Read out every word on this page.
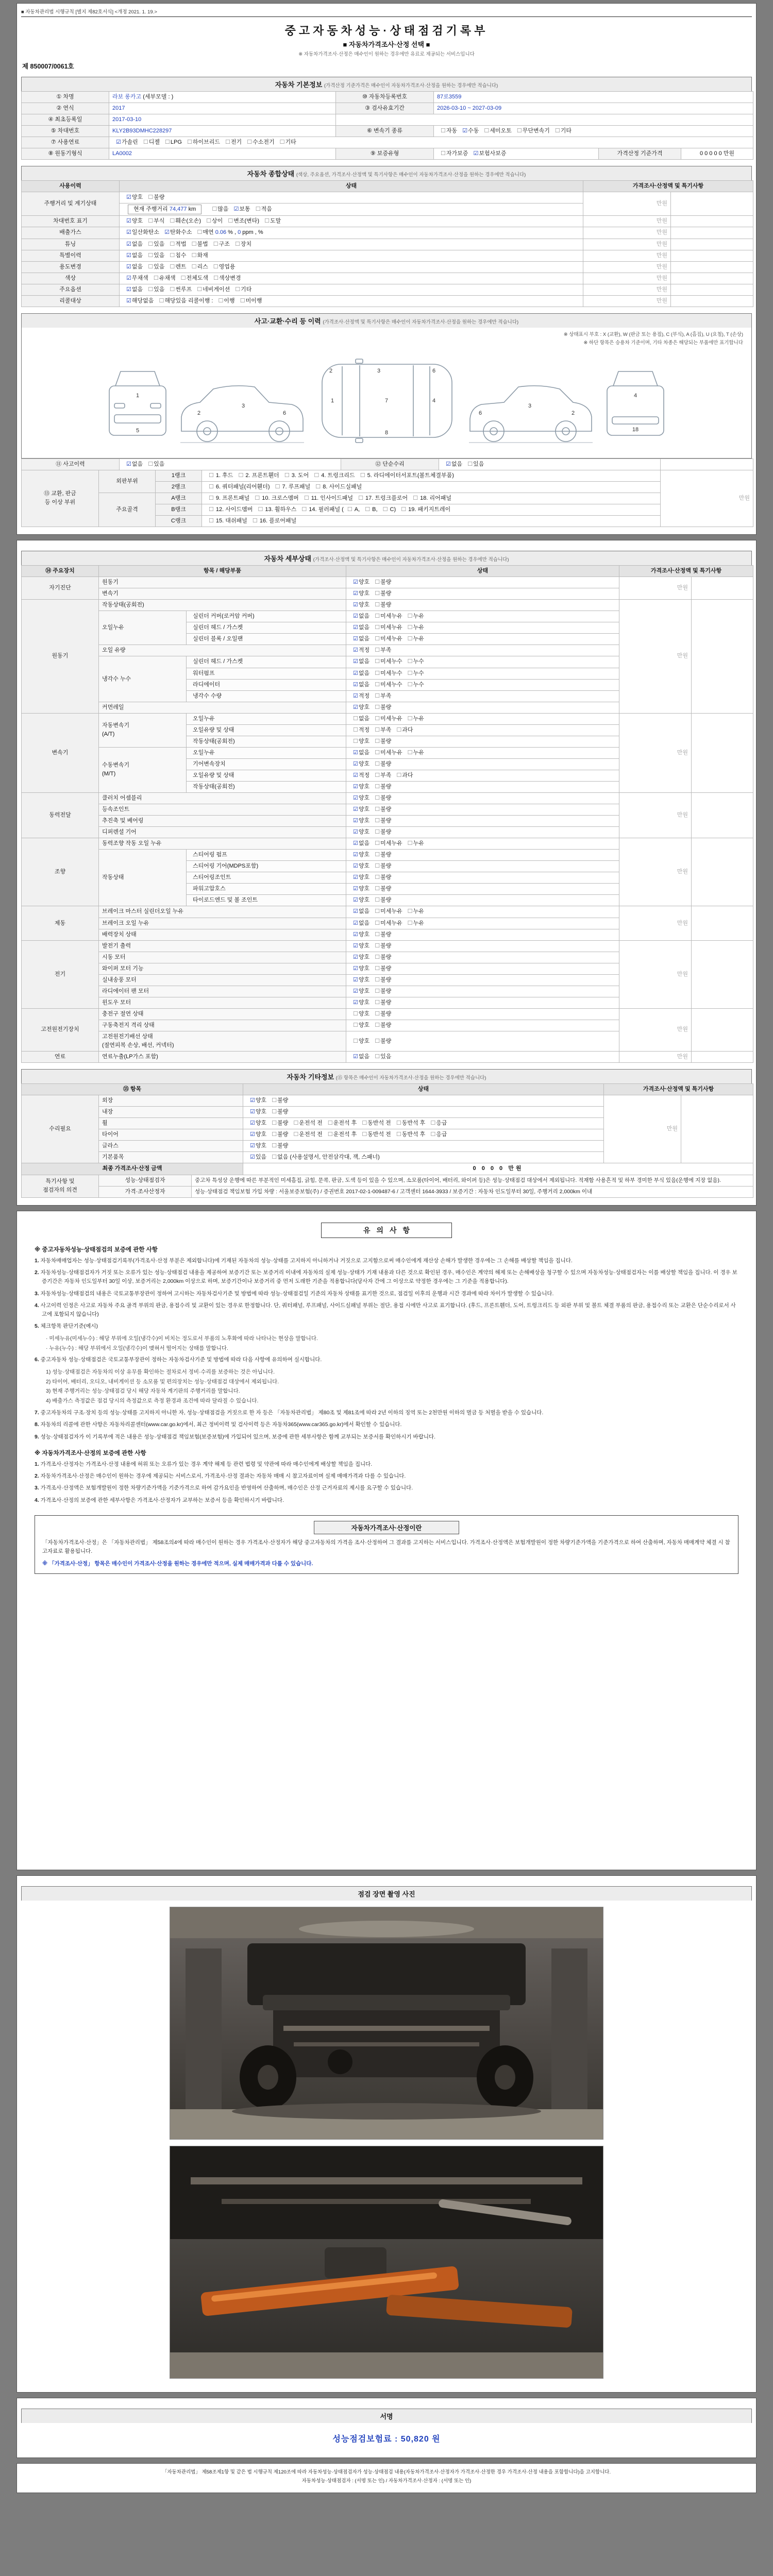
■ 자동차관리법 시행규칙 [별지 제82호서식] <개정 2021. 1. 19.>
중고자동차성능·상태점검기록부
■ 자동차가격조사·산정 선택 ■
※ 자동차가격조사·산정은 매수인이 원하는 경우에만 유료로 제공되는 서비스입니다
제 850007/0061호
자동차 기본정보 (가격산정 기준가격은 매수인이 자동차가격조사·산정을 원하는 경우에만 적습니다)
① 차명	라보 롱카고 (세부모델 : )	⑩ 자동차등록번호	87로3559		
② 연식	2017	③ 검사유효기간	2026-03-10 ~ 2027-03-09		
④ 최초등록일	2017-03-10				
⑤ 차대번호	KLY2B93DMHC228297	⑥ 변속기 종류	☐자동 ☑수동 ☐세미오토 ☐무단변속기 ☐기타		
⑦ 사용연료	☑가솔린 ☐디젤 ☐LPG ☐하이브리드 ☐전기 ☐수소전기 ☐기타				
⑧ 원동기형식	LA0002	⑨ 보증유형	☐자가보증 ☑보험사보증	가격산정 기준가격	0 0 0 0 0 만원
자동차 종합상태 (색상, 주요옵션, 가격조사·산정액 및 특기사항은 매수인이 자동차가격조사·산정을 원하는 경우에만 적습니다)
사용이력	상태	가격조사·산정액 및 특기사항	
주행거리 및 계기상태	☑양호 ☐불량	만원	
	현재 주행거리 74,477 km ☐많음 ☑보통 ☐적음		
차대번호 표기	☑양호 ☐부식 ☐훼손(오손) ☐상이 ☐변조(변타) ☐도말	만원	
배출가스	☑일산화탄소 ☑탄화수소 ☐매연 0.06 % , 0 ppm , %	만원	
튜닝	☑없음 ☐있음 ☐적법 ☐불법 ☐구조 ☐장치	만원	
특별이력	☑없음 ☐있음 ☐침수 ☐화재	만원	
용도변경	☑없음 ☐있음 ☐렌트 ☐리스 ☐영업용	만원	
색상	☑무채색 ☐유채색 ☐전체도색 ☐색상변경	만원	
주요옵션	☑없음 ☐있음 ☐썬루프 ☐네비게이션 ☐기타	만원	
리콜대상	☑해당없음 ☐해당있음 리콜이행 : ☐이행 ☐미이행	만원	
사고·교환·수리 등 이력 (가격조사·산정액 및 특기사항은 매수인이 자동차가격조사·산정을 원하는 경우에만 적습니다)
※ 상태표시 부호 : X (교환), W (판금 또는 용접), C (부식), A (흠집), U (요철), T (손상)
※ 하단 항목은 승용차 기준이며, 기타 차종은 해당되는 부품에만 표기합니다
1
5
2
3
6
2
1
3
7
6
4
8
6
3
2
4
18
⑪ 사고이력	☑없음 ☐있음	⑫ 단순수리	☑없음 ☐있음	
⑬ 교환, 판금
등 이상 부위	외판부위	1랭크	☐ 1. 후드 ☐ 2. 프론트휀더 ☐ 3. 도어 ☐ 4. 트렁크리드 ☐ 5. 라디에이터서포트(볼트체결부품)	만원
		2랭크	☐ 6. 쿼터패널(리어휀더) ☐ 7. 루프패널 ☐ 8. 사이드실패널	
	주요골격	A랭크	☐ 9. 프론트패널 ☐ 10. 크로스멤버 ☐ 11. 인사이드패널 ☐ 17. 트렁크플로어 ☐ 18. 리어패널	
		B랭크	☐ 12. 사이드멤버 ☐ 13. 휠하우스 ☐ 14. 필러패널 ( ☐ A, ☐ B, ☐ C) ☐ 19. 패키지트레이	
		C랭크	☐ 15. 대쉬패널 ☐ 16. 플로어패널	
자동차 세부상태 (가격조사·산정액 및 특기사항은 매수인이 자동차가격조사·산정을 원하는 경우에만 적습니다)
⑭ 주요장치	항목 / 해당부품		상태	가격조사·산정액 및 특기사항	
자기진단	원동기		☑양호 ☐불량	만원	
	변속기		☑양호 ☐불량		
원동기	작동상태(공회전)		☑양호 ☐불량	만원	
	오일누유	실린더 커버(로커암 커버)	☑없음 ☐미세누유 ☐누유		
		실린더 헤드 / 가스켓	☑없음 ☐미세누유 ☐누유		
		실린더 블록 / 오일팬	☑없음 ☐미세누유 ☐누유		
	오일 유량		☑적정 ☐부족		
	냉각수 누수	실린더 헤드 / 가스켓	☑없음 ☐미세누수 ☐누수		
		워터펌프	☑없음 ☐미세누수 ☐누수		
		라디에이터	☑없음 ☐미세누수 ☐누수		
		냉각수 수량	☑적정 ☐부족		
	커먼레일		☑양호 ☐불량		
변속기	자동변속기
(A/T)	오일누유	☐없음 ☐미세누유 ☐누유	만원	
		오일유량 및 상태	☐적정 ☐부족 ☐과다		
		작동상태(공회전)	☐양호 ☐불량		
	수동변속기
(M/T)	오일누유	☑없음 ☐미세누유 ☐누유		
		기어변속장치	☑양호 ☐불량		
		오일유량 및 상태	☑적정 ☐부족 ☐과다		
		작동상태(공회전)	☑양호 ☐불량		
동력전달	클러치 어셈블리		☑양호 ☐불량	만원	
	등속조인트		☑양호 ☐불량		
	추진축 및 베어링		☑양호 ☐불량		
	디퍼렌셜 기어		☑양호 ☐불량		
조향	동력조향 작동 오일 누유		☑없음 ☐미세누유 ☐누유	만원	
	작동상태	스티어링 펌프	☑양호 ☐불량		
		스티어링 기어(MDPS포함)	☑양호 ☐불량		
		스티어링조인트	☑양호 ☐불량		
		파워고압호스	☑양호 ☐불량		
		타이로드엔드 및 볼 조인트	☑양호 ☐불량		
제동	브레이크 마스터 실린더오일 누유		☑없음 ☐미세누유 ☐누유	만원	
	브레이크 오일 누유		☑없음 ☐미세누유 ☐누유		
	배력장치 상태		☑양호 ☐불량		
전기	발전기 출력		☑양호 ☐불량	만원	
	시동 모터		☑양호 ☐불량		
	와이퍼 모터 기능		☑양호 ☐불량		
	실내송풍 모터		☑양호 ☐불량		
	라디에이터 팬 모터		☑양호 ☐불량		
	윈도우 모터		☑양호 ☐불량		
고전원전기장치	충전구 절연 상태		☐양호 ☐불량	만원	
	구동축전지 격리 상태		☐양호 ☐불량		
	고전원전기배선 상태
(절연피복 손상, 배선, 커넥터)		☐양호 ☐불량		
연료	연료누출(LP가스 포함)		☑없음 ☐있음	만원	
자동차 기타정보 (⑮ 항목은 매수인이 자동차가격조사·산정을 원하는 경우에만 적습니다)
⑮ 항목		상태	가격조사·산정액 및 특기사항	
수리필요	외장	☑양호 ☐불량	만원	
	내장	☑양호 ☐불량		
	휠	☑양호 ☐불량 ☐운전석 전 ☐운전석 후 ☐동반석 전 ☐동반석 후 ☐응급		
	타이어	☑양호 ☐불량 ☐운전석 전 ☐운전석 후 ☐동반석 전 ☐동반석 후 ☐응급		
	글라스	☑양호 ☐불량		
	기본품목	☑있음 ☐없음 (사용설명서, 안전삼각대, 잭, 스패너)		
최종 가격조사·산정 금액	0 0 0 0 만원
특기사항 및
점검자의 의견	성능·상태점검자	중고차 특성상 운행에 따른 부분적인 미세흠집, 긁힘, 문콕, 판금, 도색 등이 있을 수 있으며, 소모품(타이어, 배터리, 와이퍼 등)은 성능·상태점검 대상에서 제외됩니다. 적재함 사용흔적 및 하부 경미한 부식 있음(운행에 지장 없음).
	가격·조사산정자	성능·상태점검 책임보험 가입 차량 : 서울보증보험(주) / 증권번호 2017-02-1-009487-6 / 고객센터 1644-3933 / 보증기간 : 자동차 인도일부터 30일, 주행거리 2,000km 이내
유의사항
※ 중고자동차성능·상태점검의 보증에 관한 사항
1. 자동차매매업자는 성능·상태점검기록부(가격조사·산정 부분은 제외합니다)에 기재된 자동차의 성능·상태를 고지하지 아니하거나 거짓으로 고지함으로써 매수인에게 재산상 손해가 발생한 경우에는 그 손해를 배상할 책임을 집니다.
2. 자동차성능·상태점검자가 거짓 또는 오류가 있는 성능·상태점검 내용을 제공하여 보증기간 또는 보증거리 이내에 자동차의 실제 성능·상태가 기재 내용과 다른 것으로 확인된 경우, 매수인은 계약의 해제 또는 손해배상을 청구할 수 있으며 자동차성능·상태점검자는 이를 배상할 책임을 집니다. 이 경우 보증기간은 자동차 인도일부터 30일 이상, 보증거리는 2,000km 이상으로 하며, 보증기간이나 보증거리 중 먼저 도래한 기준을 적용합니다(당사자 간에 그 이상으로 약정한 경우에는 그 기준을 적용합니다).
3. 자동차성능·상태점검의 내용은 국토교통부장관이 정하여 고시하는 자동차검사기준 및 방법에 따라 성능·상태점검일 기준의 자동차 상태를 표기한 것으로, 점검일 이후의 운행과 시간 경과에 따라 차이가 발생할 수 있습니다.
4. 사고이력 인정은 사고로 자동차 주요 골격 부위의 판금, 용접수리 및 교환이 있는 경우로 한정합니다. 단, 쿼터패널, 루프패널, 사이드실패널 부위는 절단, 용접 시에만 사고로 표기합니다. (후드, 프론트휀더, 도어, 트렁크리드 등 외판 부위 및 볼트 체결 부품의 판금, 용접수리 또는 교환은 단순수리로서 사고에 포함되지 않습니다)
5. 체크항목 판단기준(예시)
· 미세누유(미세누수) : 해당 부위에 오일(냉각수)이 비치는 정도로서 부품의 노후화에 따라 나타나는 현상을 말합니다.
· 누유(누수) : 해당 부위에서 오일(냉각수)이 맺혀서 떨어지는 상태를 말합니다.
6. 중고자동차 성능·상태점검은 국토교통부장관이 정하는 자동차검사기준 및 방법에 따라 다음 사항에 유의하여 실시합니다.
1) 성능·상태점검은 자동차의 이상 유무를 확인하는 절차로서 정비·수리를 보증하는 것은 아닙니다.
2) 타이어, 배터리, 오디오, 내비게이션 등 소모품 및 편의장치는 성능·상태점검 대상에서 제외됩니다.
3) 현재 주행거리는 성능·상태점검 당시 해당 자동차 계기판의 주행거리를 말합니다.
4) 배출가스 측정값은 점검 당시의 측정값으로 측정 환경과 조건에 따라 달라질 수 있습니다.
7. 중고자동차의 구조·장치 등의 성능·상태를 고지하지 아니한 자, 성능·상태점검을 거짓으로 한 자 등은 「자동차관리법」 제80조 및 제81조에 따라 2년 이하의 징역 또는 2천만원 이하의 벌금 등 처벌을 받을 수 있습니다.
8. 자동차의 리콜에 관한 사항은 자동차리콜센터(www.car.go.kr)에서, 최근 정비이력 및 검사이력 등은 자동차365(www.car365.go.kr)에서 확인할 수 있습니다.
9. 성능·상태점검자가 이 기록부에 적은 내용은 성능·상태점검 책임보험(보증보험)에 가입되어 있으며, 보증에 관한 세부사항은 함께 교부되는 보증서를 확인하시기 바랍니다.
※ 자동차가격조사·산정의 보증에 관한 사항
1. 가격조사·산정자는 가격조사·산정 내용에 허위 또는 오류가 있는 경우 계약 해제 등 관련 법령 및 약관에 따라 매수인에게 배상할 책임을 집니다.
2. 자동차가격조사·산정은 매수인이 원하는 경우에 제공되는 서비스로서, 가격조사·산정 결과는 자동차 매매 시 참고자료이며 실제 매매가격과 다를 수 있습니다.
3. 가격조사·산정액은 보험개발원이 정한 차량기준가액을 기준가격으로 하여 감가요인을 반영하여 산출하며, 매수인은 산정 근거자료의 제시를 요구할 수 있습니다.
4. 가격조사·산정의 보증에 관한 세부사항은 가격조사·산정자가 교부하는 보증서 등을 확인하시기 바랍니다.
자동차가격조사·산정이란
「자동차가격조사·산정」은 「자동차관리법」 제58조의4에 따라 매수인이 원하는 경우 가격조사·산정자가 해당 중고자동차의 가격을 조사·산정하여 그 결과를 고지하는 서비스입니다. 가격조사·산정액은 보험개발원이 정한 차량기준가액을 기준가격으로 하여 산출하며, 자동차 매매계약 체결 시 참고자료로 활용됩니다.
※ 「가격조사·산정」 항목은 매수인이 가격조사·산정을 원하는 경우에만 적으며, 실제 매매가격과 다를 수 있습니다.
점검 장면 촬영 사진
서명
성능점검보험료 : 50,820 원
「자동차관리법」 제58조제1항 및 같은 법 시행규칙 제120조에 따라 자동차성능·상태점검자가 성능·상태점검 내용(자동차가격조사·산정자가 가격조사·산정한 경우 가격조사·산정 내용을 포함합니다)을 고지합니다.
자동차성능·상태점검자 : (서명 또는 인) / 자동차가격조사·산정자 : (서명 또는 인)
